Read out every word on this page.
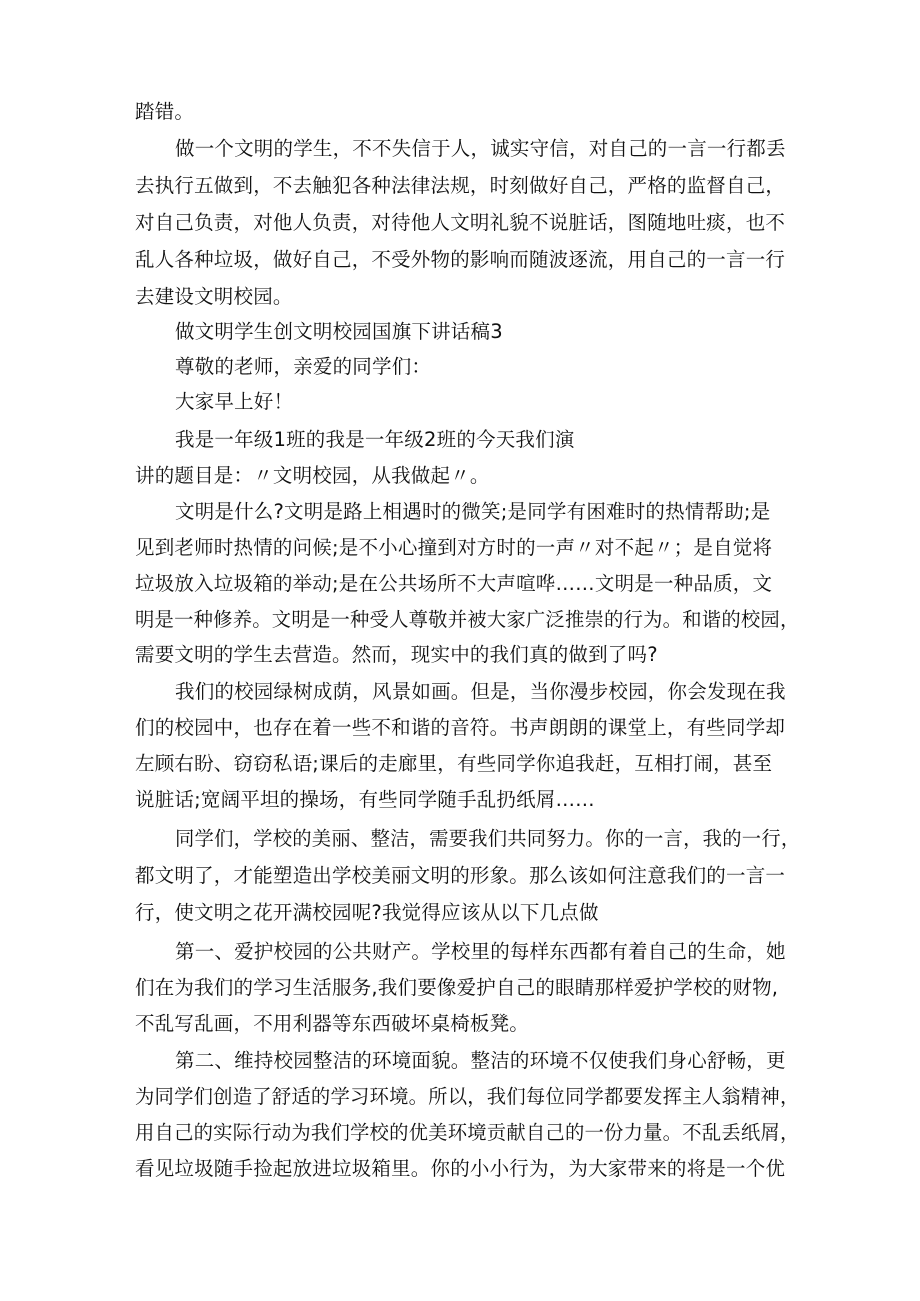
踏错。
做一个文明的学生，不不失信于人，诚实守信，对自己的一言一行都丢
去执行五做到，不去触犯各种法律法规，时刻做好自己，严格的监督自己，
对自己负责，对他人负责，对待他人文明礼貌不说脏话，图随地吐痰，也不
乱人各种垃圾，做好自己，不受外物的影响而随波逐流，用自己的一言一行
去建设文明校园。
做文明学生创文明校园国旗下讲话稿3
尊敬的老师，亲爱的同学们：
大家早上好！
我是一年级1班的我是一年级2班的今天我们演
讲的题目是：〃文明校园，从我做起〃。
文明是什么?文明是路上相遇时的微笑;是同学有困难时的热情帮助;是
见到老师时热情的问候;是不小心撞到对方时的一声〃对不起〃；是自觉将
垃圾放入垃圾箱的举动;是在公共场所不大声喧哗……文明是一种品质，文
明是一种修养。文明是一种受人尊敬并被大家广泛推崇的行为。和谐的校园，
需要文明的学生去营造。然而，现实中的我们真的做到了吗?
我们的校园绿树成荫，风景如画。但是，当你漫步校园，你会发现在我
们的校园中，也存在着一些不和谐的音符。书声朗朗的课堂上，有些同学却
左顾右盼、窃窃私语;课后的走廊里，有些同学你追我赶，互相打闹，甚至
说脏话;宽阔平坦的操场，有些同学随手乱扔纸屑……
同学们，学校的美丽、整洁，需要我们共同努力。你的一言，我的一行，
都文明了，才能塑造出学校美丽文明的形象。那么该如何注意我们的一言一
行，使文明之花开满校园呢?我觉得应该从以下几点做
第一、爱护校园的公共财产。学校里的每样东西都有着自己的生命，她
们在为我们的学习生活服务,我们要像爱护自己的眼睛那样爱护学校的财物,
不乱写乱画，不用利器等东西破坏桌椅板凳。
第二、维持校园整洁的环境面貌。整洁的环境不仅使我们身心舒畅，更
为同学们创造了舒适的学习环境。所以，我们每位同学都要发挥主人翁精神，
用自己的实际行动为我们学校的优美环境贡献自己的一份力量。不乱丢纸屑，
看见垃圾随手捡起放进垃圾箱里。你的小小行为，为大家带来的将是一个优
